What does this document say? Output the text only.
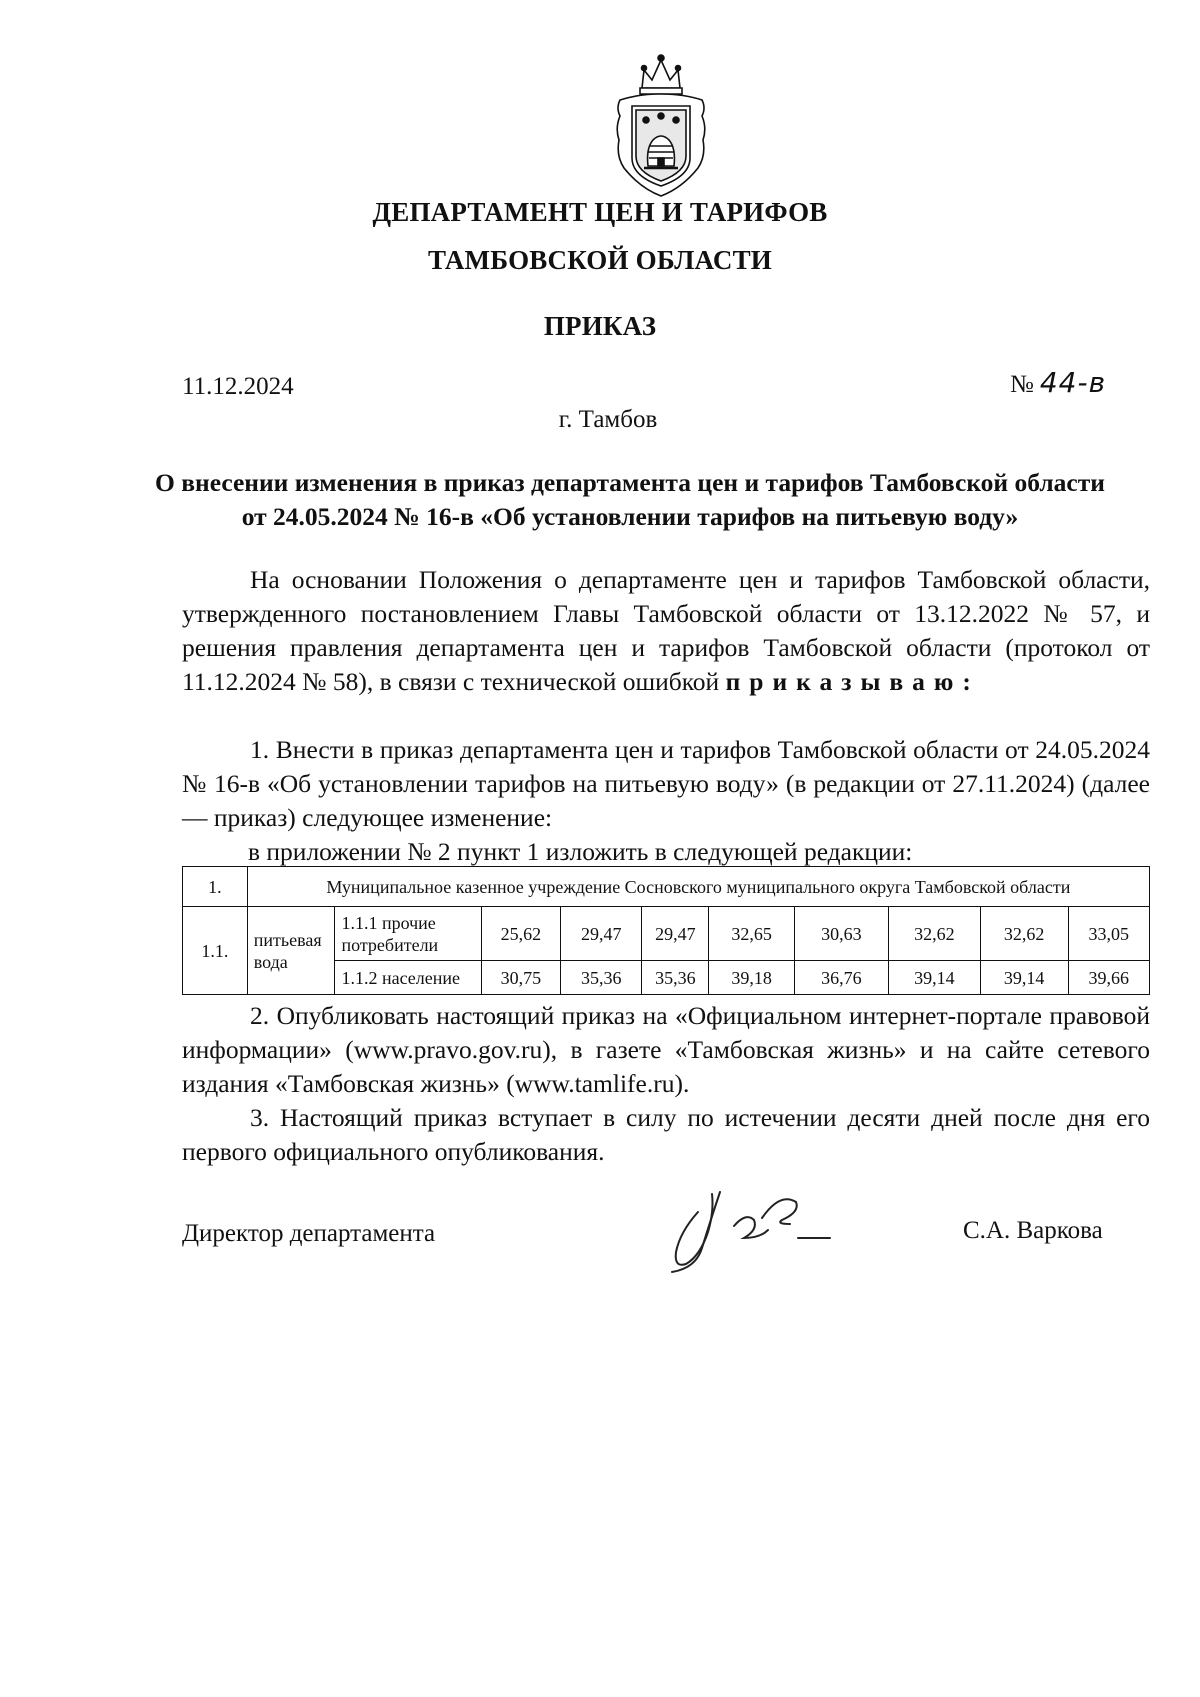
ДЕПАРТАМЕНТ ЦЕН И ТАРИФОВ
ТАМБОВСКОЙ ОБЛАСТИ
ПРИКАЗ
11.12.2024	№ 44-в
г. Тамбов
О внесении изменения в приказ департамента цен и тарифов Тамбовской области от 24.05.2024 № 16-в «Об установлении тарифов на питьевую воду»
На основании Положения о департаменте цен и тарифов Тамбовской области, утвержденного постановлением Главы Тамбовской области от 13.12.2022 № 57, и решения правления департамента цен и тарифов Тамбовской области (протокол от 11.12.2024 № 58), в связи с технической ошибкой приказываю:
1. Внести в приказ департамента цен и тарифов Тамбовской области от 24.05.2024 № 16-в «Об установлении тарифов на питьевую воду» (в редакции от 27.11.2024) (далее — приказ) следующее изменение:
в приложении № 2 пункт 1 изложить в следующей редакции:
1.	Муниципальное казенное учреждение Сосновского муниципального округа Тамбовской области									
1.1.	питьевая вода	1.1.1 прочие потребители	25,62	29,47	29,47	32,65	30,63	32,62	32,62	33,05
		1.1.2 население	30,75	35,36	35,36	39,18	36,76	39,14	39,14	39,66
2. Опубликовать настоящий приказ на «Официальном интернет-портале правовой информации» (www.pravo.gov.ru), в газете «Тамбовская жизнь» и на сайте сетевого издания «Тамбовская жизнь» (www.tamlife.ru).
3. Настоящий приказ вступает в силу по истечении десяти дней после дня его первого официального опубликования.
Директор департамента	С.А. Варкова
